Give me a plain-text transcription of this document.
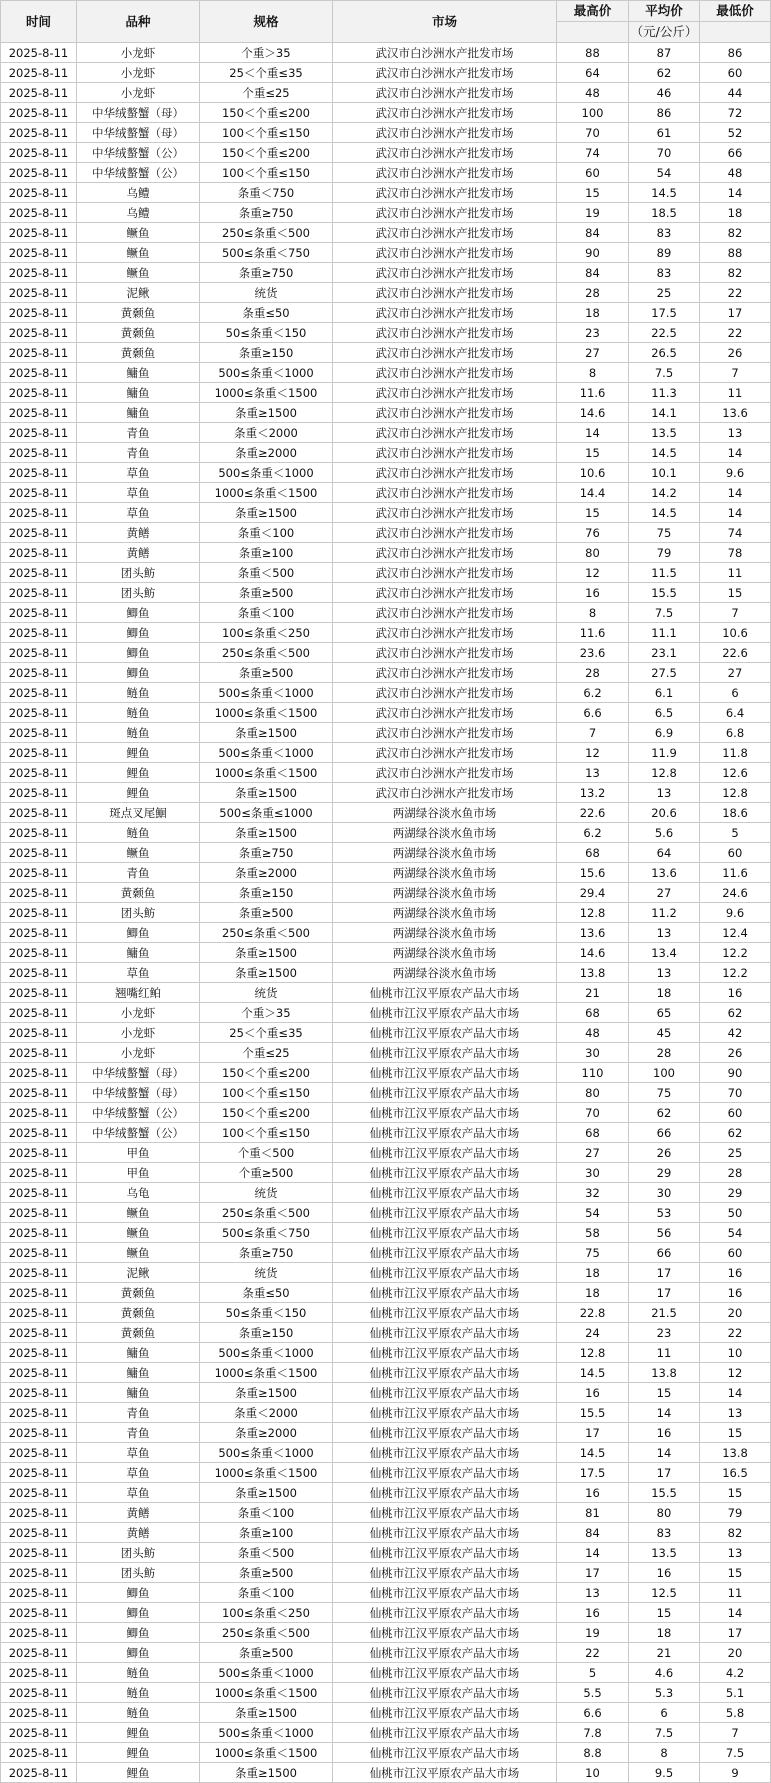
时间	品种	规格	市场	最高价	平均价	最低价
					（元/公斤）	
2025-8-11	小龙虾	个重＞35	武汉市白沙洲水产批发市场	88	87	86
2025-8-11	小龙虾	25＜个重≤35	武汉市白沙洲水产批发市场	64	62	60
2025-8-11	小龙虾	个重≤25	武汉市白沙洲水产批发市场	48	46	44
2025-8-11	中华绒螯蟹（母）	150＜个重≤200	武汉市白沙洲水产批发市场	100	86	72
2025-8-11	中华绒螯蟹（母）	100＜个重≤150	武汉市白沙洲水产批发市场	70	61	52
2025-8-11	中华绒螯蟹（公）	150＜个重≤200	武汉市白沙洲水产批发市场	74	70	66
2025-8-11	中华绒螯蟹（公）	100＜个重≤150	武汉市白沙洲水产批发市场	60	54	48
2025-8-11	乌鳢	条重＜750	武汉市白沙洲水产批发市场	15	14.5	14
2025-8-11	乌鳢	条重≥750	武汉市白沙洲水产批发市场	19	18.5	18
2025-8-11	鳜鱼	250≤条重＜500	武汉市白沙洲水产批发市场	84	83	82
2025-8-11	鳜鱼	500≤条重＜750	武汉市白沙洲水产批发市场	90	89	88
2025-8-11	鳜鱼	条重≥750	武汉市白沙洲水产批发市场	84	83	82
2025-8-11	泥鳅	统货	武汉市白沙洲水产批发市场	28	25	22
2025-8-11	黄颡鱼	条重≤50	武汉市白沙洲水产批发市场	18	17.5	17
2025-8-11	黄颡鱼	50≤条重＜150	武汉市白沙洲水产批发市场	23	22.5	22
2025-8-11	黄颡鱼	条重≥150	武汉市白沙洲水产批发市场	27	26.5	26
2025-8-11	鳙鱼	500≤条重＜1000	武汉市白沙洲水产批发市场	8	7.5	7
2025-8-11	鳙鱼	1000≤条重＜1500	武汉市白沙洲水产批发市场	11.6	11.3	11
2025-8-11	鳙鱼	条重≥1500	武汉市白沙洲水产批发市场	14.6	14.1	13.6
2025-8-11	青鱼	条重＜2000	武汉市白沙洲水产批发市场	14	13.5	13
2025-8-11	青鱼	条重≥2000	武汉市白沙洲水产批发市场	15	14.5	14
2025-8-11	草鱼	500≤条重＜1000	武汉市白沙洲水产批发市场	10.6	10.1	9.6
2025-8-11	草鱼	1000≤条重＜1500	武汉市白沙洲水产批发市场	14.4	14.2	14
2025-8-11	草鱼	条重≥1500	武汉市白沙洲水产批发市场	15	14.5	14
2025-8-11	黄鳝	条重＜100	武汉市白沙洲水产批发市场	76	75	74
2025-8-11	黄鳝	条重≥100	武汉市白沙洲水产批发市场	80	79	78
2025-8-11	团头鲂	条重＜500	武汉市白沙洲水产批发市场	12	11.5	11
2025-8-11	团头鲂	条重≥500	武汉市白沙洲水产批发市场	16	15.5	15
2025-8-11	鲫鱼	条重＜100	武汉市白沙洲水产批发市场	8	7.5	7
2025-8-11	鲫鱼	100≤条重＜250	武汉市白沙洲水产批发市场	11.6	11.1	10.6
2025-8-11	鲫鱼	250≤条重＜500	武汉市白沙洲水产批发市场	23.6	23.1	22.6
2025-8-11	鲫鱼	条重≥500	武汉市白沙洲水产批发市场	28	27.5	27
2025-8-11	鲢鱼	500≤条重＜1000	武汉市白沙洲水产批发市场	6.2	6.1	6
2025-8-11	鲢鱼	1000≤条重＜1500	武汉市白沙洲水产批发市场	6.6	6.5	6.4
2025-8-11	鲢鱼	条重≥1500	武汉市白沙洲水产批发市场	7	6.9	6.8
2025-8-11	鲤鱼	500≤条重＜1000	武汉市白沙洲水产批发市场	12	11.9	11.8
2025-8-11	鲤鱼	1000≤条重＜1500	武汉市白沙洲水产批发市场	13	12.8	12.6
2025-8-11	鲤鱼	条重≥1500	武汉市白沙洲水产批发市场	13.2	13	12.8
2025-8-11	斑点叉尾鮰	500≤条重≤1000	两湖绿谷淡水鱼市场	22.6	20.6	18.6
2025-8-11	鲢鱼	条重≥1500	两湖绿谷淡水鱼市场	6.2	5.6	5
2025-8-11	鳜鱼	条重≥750	两湖绿谷淡水鱼市场	68	64	60
2025-8-11	青鱼	条重≥2000	两湖绿谷淡水鱼市场	15.6	13.6	11.6
2025-8-11	黄颡鱼	条重≥150	两湖绿谷淡水鱼市场	29.4	27	24.6
2025-8-11	团头鲂	条重≥500	两湖绿谷淡水鱼市场	12.8	11.2	9.6
2025-8-11	鲫鱼	250≤条重＜500	两湖绿谷淡水鱼市场	13.6	13	12.4
2025-8-11	鳙鱼	条重≥1500	两湖绿谷淡水鱼市场	14.6	13.4	12.2
2025-8-11	草鱼	条重≥1500	两湖绿谷淡水鱼市场	13.8	13	12.2
2025-8-11	翘嘴红鲌	统货	仙桃市江汉平原农产品大市场	21	18	16
2025-8-11	小龙虾	个重＞35	仙桃市江汉平原农产品大市场	68	65	62
2025-8-11	小龙虾	25＜个重≤35	仙桃市江汉平原农产品大市场	48	45	42
2025-8-11	小龙虾	个重≤25	仙桃市江汉平原农产品大市场	30	28	26
2025-8-11	中华绒螯蟹（母）	150＜个重≤200	仙桃市江汉平原农产品大市场	110	100	90
2025-8-11	中华绒螯蟹（母）	100＜个重≤150	仙桃市江汉平原农产品大市场	80	75	70
2025-8-11	中华绒螯蟹（公）	150＜个重≤200	仙桃市江汉平原农产品大市场	70	62	60
2025-8-11	中华绒螯蟹（公）	100＜个重≤150	仙桃市江汉平原农产品大市场	68	66	62
2025-8-11	甲鱼	个重＜500	仙桃市江汉平原农产品大市场	27	26	25
2025-8-11	甲鱼	个重≥500	仙桃市江汉平原农产品大市场	30	29	28
2025-8-11	乌龟	统货	仙桃市江汉平原农产品大市场	32	30	29
2025-8-11	鳜鱼	250≤条重＜500	仙桃市江汉平原农产品大市场	54	53	50
2025-8-11	鳜鱼	500≤条重＜750	仙桃市江汉平原农产品大市场	58	56	54
2025-8-11	鳜鱼	条重≥750	仙桃市江汉平原农产品大市场	75	66	60
2025-8-11	泥鳅	统货	仙桃市江汉平原农产品大市场	18	17	16
2025-8-11	黄颡鱼	条重≤50	仙桃市江汉平原农产品大市场	18	17	16
2025-8-11	黄颡鱼	50≤条重＜150	仙桃市江汉平原农产品大市场	22.8	21.5	20
2025-8-11	黄颡鱼	条重≥150	仙桃市江汉平原农产品大市场	24	23	22
2025-8-11	鳙鱼	500≤条重＜1000	仙桃市江汉平原农产品大市场	12.8	11	10
2025-8-11	鳙鱼	1000≤条重＜1500	仙桃市江汉平原农产品大市场	14.5	13.8	12
2025-8-11	鳙鱼	条重≥1500	仙桃市江汉平原农产品大市场	16	15	14
2025-8-11	青鱼	条重＜2000	仙桃市江汉平原农产品大市场	15.5	14	13
2025-8-11	青鱼	条重≥2000	仙桃市江汉平原农产品大市场	17	16	15
2025-8-11	草鱼	500≤条重＜1000	仙桃市江汉平原农产品大市场	14.5	14	13.8
2025-8-11	草鱼	1000≤条重＜1500	仙桃市江汉平原农产品大市场	17.5	17	16.5
2025-8-11	草鱼	条重≥1500	仙桃市江汉平原农产品大市场	16	15.5	15
2025-8-11	黄鳝	条重＜100	仙桃市江汉平原农产品大市场	81	80	79
2025-8-11	黄鳝	条重≥100	仙桃市江汉平原农产品大市场	84	83	82
2025-8-11	团头鲂	条重＜500	仙桃市江汉平原农产品大市场	14	13.5	13
2025-8-11	团头鲂	条重≥500	仙桃市江汉平原农产品大市场	17	16	15
2025-8-11	鲫鱼	条重＜100	仙桃市江汉平原农产品大市场	13	12.5	11
2025-8-11	鲫鱼	100≤条重＜250	仙桃市江汉平原农产品大市场	16	15	14
2025-8-11	鲫鱼	250≤条重＜500	仙桃市江汉平原农产品大市场	19	18	17
2025-8-11	鲫鱼	条重≥500	仙桃市江汉平原农产品大市场	22	21	20
2025-8-11	鲢鱼	500≤条重＜1000	仙桃市江汉平原农产品大市场	5	4.6	4.2
2025-8-11	鲢鱼	1000≤条重＜1500	仙桃市江汉平原农产品大市场	5.5	5.3	5.1
2025-8-11	鲢鱼	条重≥1500	仙桃市江汉平原农产品大市场	6.6	6	5.8
2025-8-11	鲤鱼	500≤条重＜1000	仙桃市江汉平原农产品大市场	7.8	7.5	7
2025-8-11	鲤鱼	1000≤条重＜1500	仙桃市江汉平原农产品大市场	8.8	8	7.5
2025-8-11	鲤鱼	条重≥1500	仙桃市江汉平原农产品大市场	10	9.5	9
